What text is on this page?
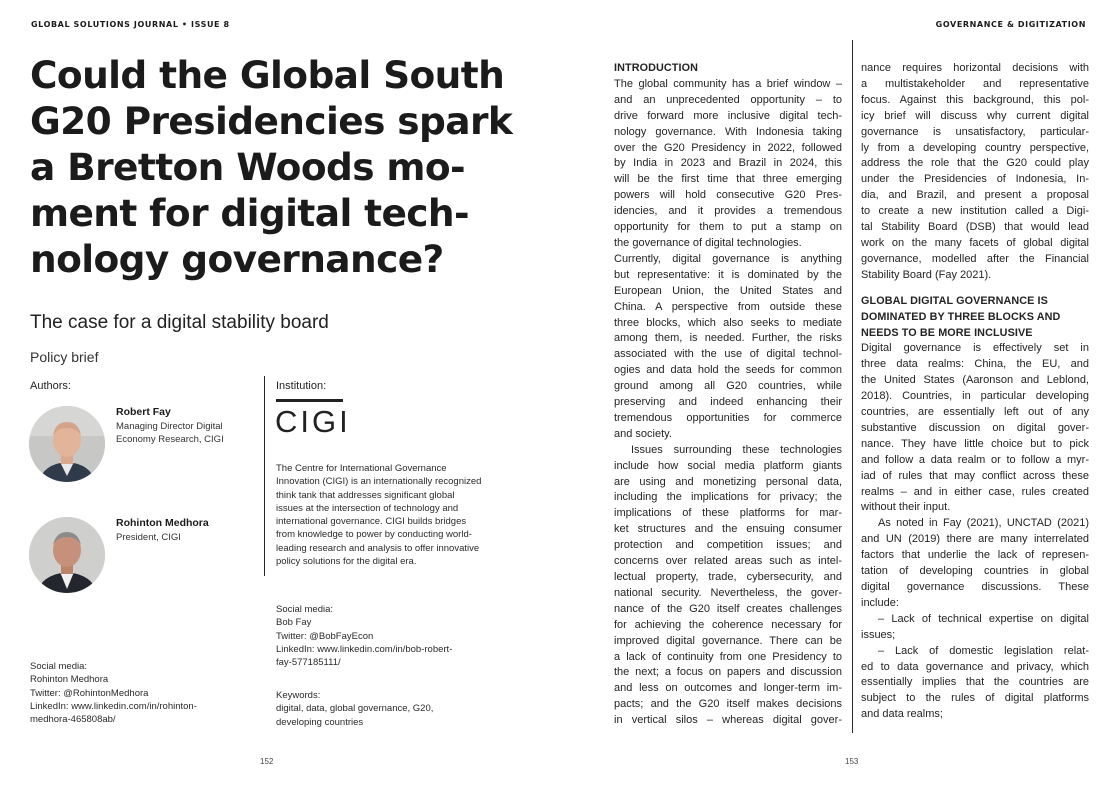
GLOBAL SOLUTIONS JOURNAL • ISSUE 8
Could the Global South
G20 Presidencies spark
a Bretton Woods mo-
ment for digital tech-
nology governance?
The case for a digital stability board
Policy brief
Authors:
Robert Fay
Managing Director Digital
Economy Research, CIGI
Rohinton Medhora
President, CIGI
Social media:
Rohinton Medhora
Twitter: @RohintonMedhora
LinkedIn: www.linkedin.com/in/rohinton-
medhora-465808ab/
Institution:
CIGI
The Centre for International Governance
Innovation (CIGI) is an internationally recognized
think tank that addresses significant global
issues at the intersection of technology and
international governance. CIGI builds bridges
from knowledge to power by conducting world-
leading research and analysis to offer innovative
policy solutions for the digital era.
Social media:
Bob Fay
Twitter: @BobFayEcon
LinkedIn: www.linkedin.com/in/bob-robert-
fay-577185111/
Keywords:
digital, data, global governance, G20,
developing countries
152
GOVERNANCE & DIGITIZATION
INTRODUCTION
The global community has a brief window –
and an unprecedented opportunity – to
drive forward more inclusive digital tech-
nology governance. With Indonesia taking
over the G20 Presidency in 2022, followed
by India in 2023 and Brazil in 2024, this
will be the first time that three emerging
powers will hold consecutive G20 Pres-
idencies, and it provides a tremendous
opportunity for them to put a stamp on
the governance of digital technologies.
Currently, digital governance is anything
but representative: it is dominated by the
European Union, the United States and
China. A perspective from outside these
three blocks, which also seeks to mediate
among them, is needed. Further, the risks
associated with the use of digital technol-
ogies and data hold the seeds for common
ground among all G20 countries, while
preserving and indeed enhancing their
tremendous opportunities for commerce
and society.
Issues surrounding these technologies
include how social media platform giants
are using and monetizing personal data,
including the implications for privacy; the
implications of these platforms for mar-
ket structures and the ensuing consumer
protection and competition issues; and
concerns over related areas such as intel-
lectual property, trade, cybersecurity, and
national security. Nevertheless, the gover-
nance of the G20 itself creates challenges
for achieving the coherence necessary for
improved digital governance. There can be
a lack of continuity from one Presidency to
the next; a focus on papers and discussion
and less on outcomes and longer-term im-
pacts; and the G20 itself makes decisions
in vertical silos – whereas digital gover-
nance requires horizontal decisions with
a multistakeholder and representative
focus. Against this background, this pol-
icy brief will discuss why current digital
governance is unsatisfactory, particular-
ly from a developing country perspective,
address the role that the G20 could play
under the Presidencies of Indonesia, In-
dia, and Brazil, and present a proposal
to create a new institution called a Digi-
tal Stability Board (DSB) that would lead
work on the many facets of global digital
governance, modelled after the Financial
Stability Board (Fay 2021).
GLOBAL DIGITAL GOVERNANCE IS
DOMINATED BY THREE BLOCKS AND
NEEDS TO BE MORE INCLUSIVE
Digital governance is effectively set in
three data realms: China, the EU, and
the United States (Aaronson and Leblond,
2018). Countries, in particular developing
countries, are essentially left out of any
substantive discussion on digital gover-
nance. They have little choice but to pick
and follow a data realm or to follow a myr-
iad of rules that may conflict across these
realms – and in either case, rules created
without their input.
As noted in Fay (2021), UNCTAD (2021)
and UN (2019) there are many interrelated
factors that underlie the lack of represen-
tation of developing countries in global
digital governance discussions. These
include:
– Lack of technical expertise on digital
issues;
– Lack of domestic legislation relat-
ed to data governance and privacy, which
essentially implies that the countries are
subject to the rules of digital platforms
and data realms;
153
